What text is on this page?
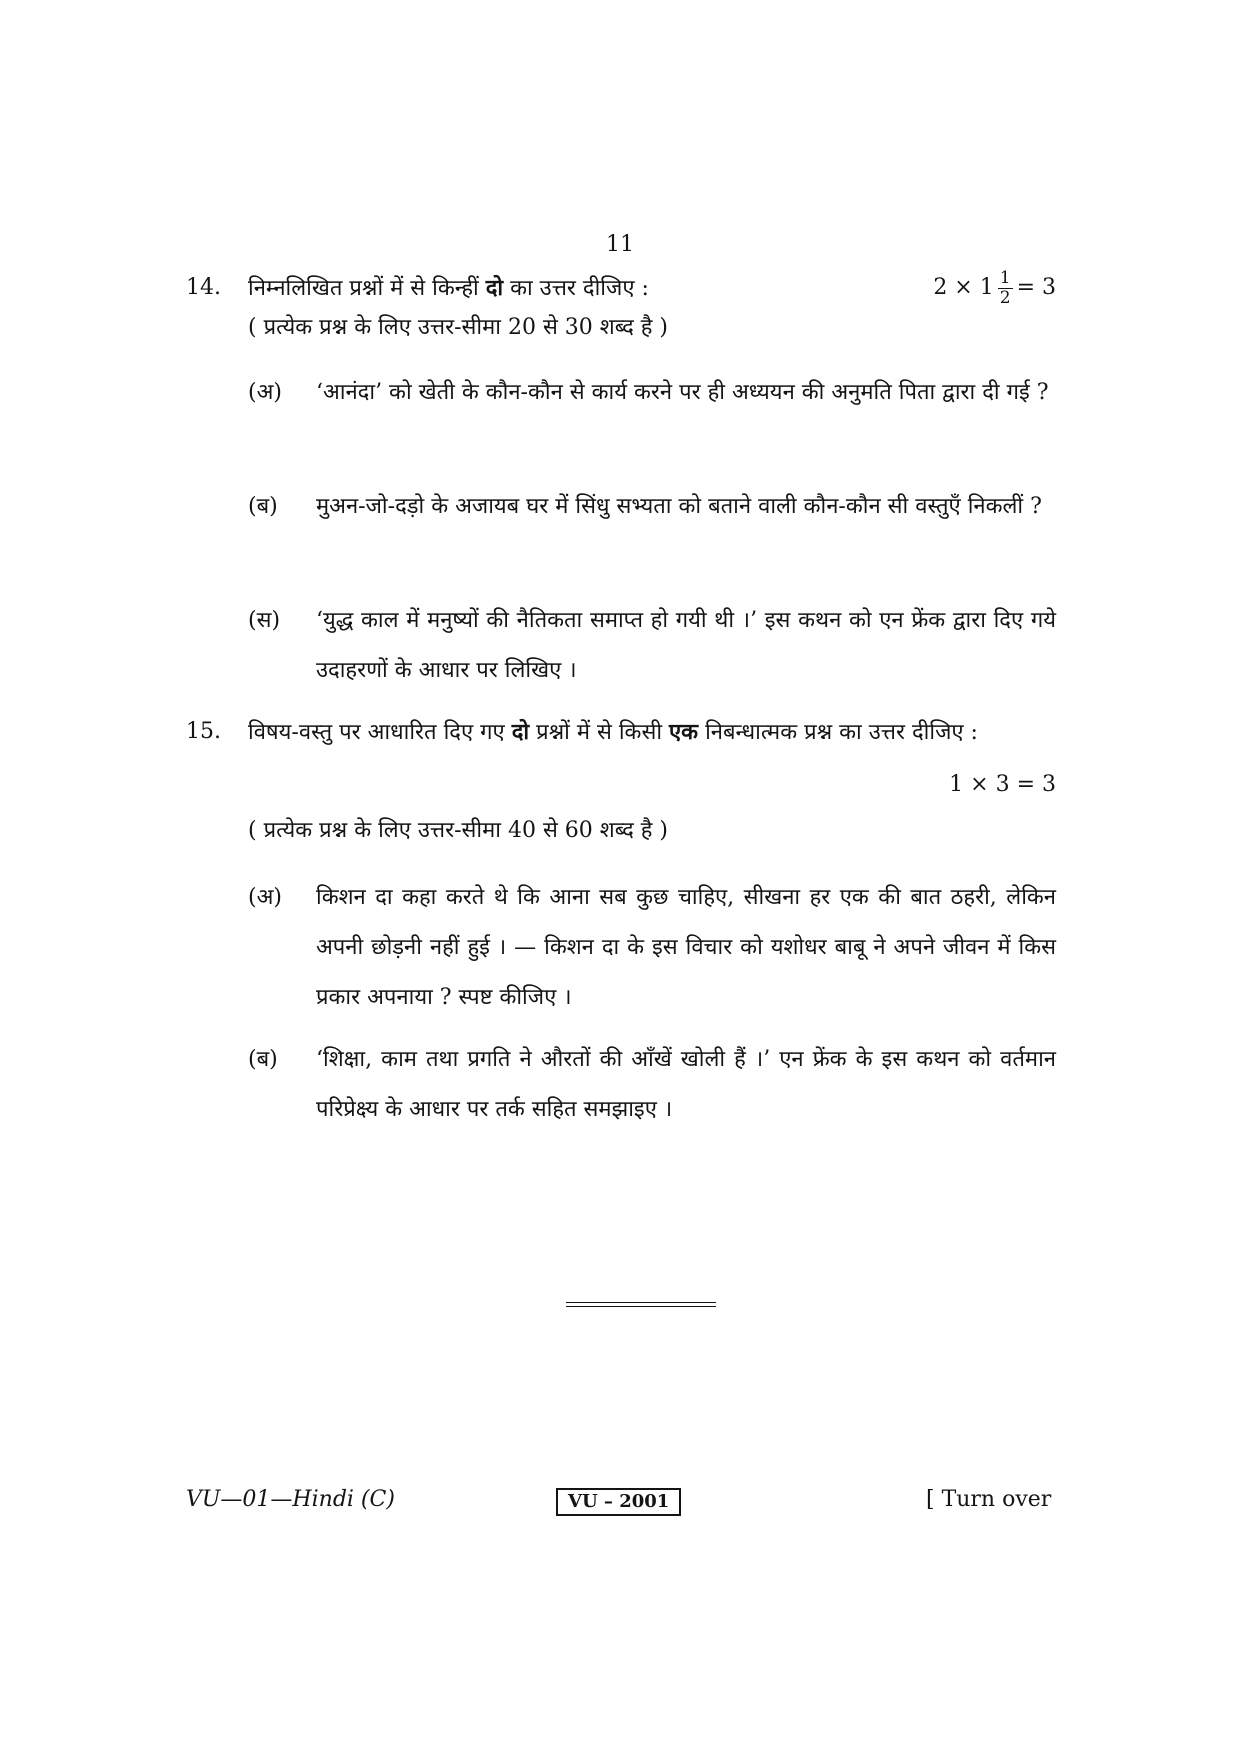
11
14.	$2 \times 1 \frac{1}{2} = 3$
निम्नलिखित प्रश्नों में से किन्हीं दो का उत्तर दीजिए :
( प्रत्येक प्रश्न के लिए उत्तर-सीमा 20 से 30 शब्द है )
(अ) ‘आनंदा’ को खेती के कौन-कौन से कार्य करने पर ही अध्ययन की अनुमति पिता द्वारा दी गई ?
(ब) मुअन-जो-दड़ो के अजायब घर में सिंधु सभ्यता को बताने वाली कौन-कौन सी वस्तुएँ निकलीं ?
(स) ‘युद्ध काल में मनुष्यों की नैतिकता समाप्त हो गयी थी ।’ इस कथन को एन फ्रेंक द्वारा दिए गये उदाहरणों के आधार पर लिखिए ।
15. विषय-वस्तु पर आधारित दिए गए दो प्रश्नों में से किसी एक निबन्धात्मक प्रश्न का उत्तर दीजिए :
1 × 3 = 3
( प्रत्येक प्रश्न के लिए उत्तर-सीमा 40 से 60 शब्द है )
(अ) किशन दा कहा करते थे कि आना सब कुछ चाहिए, सीखना हर एक की बात ठहरी, लेकिन अपनी छोड़नी नहीं हुई । — किशन दा के इस विचार को यशोधर बाबू ने अपने जीवन में किस प्रकार अपनाया ? स्पष्ट कीजिए ।
(ब) ‘शिक्षा, काम तथा प्रगति ने औरतों की आँखें खोली हैं ।’ एन फ्रेंक के इस कथन को वर्तमान परिप्रेक्ष्य के आधार पर तर्क सहित समझाइए ।
VU—01—Hindi (C)	VU – 2001	[ Turn over
